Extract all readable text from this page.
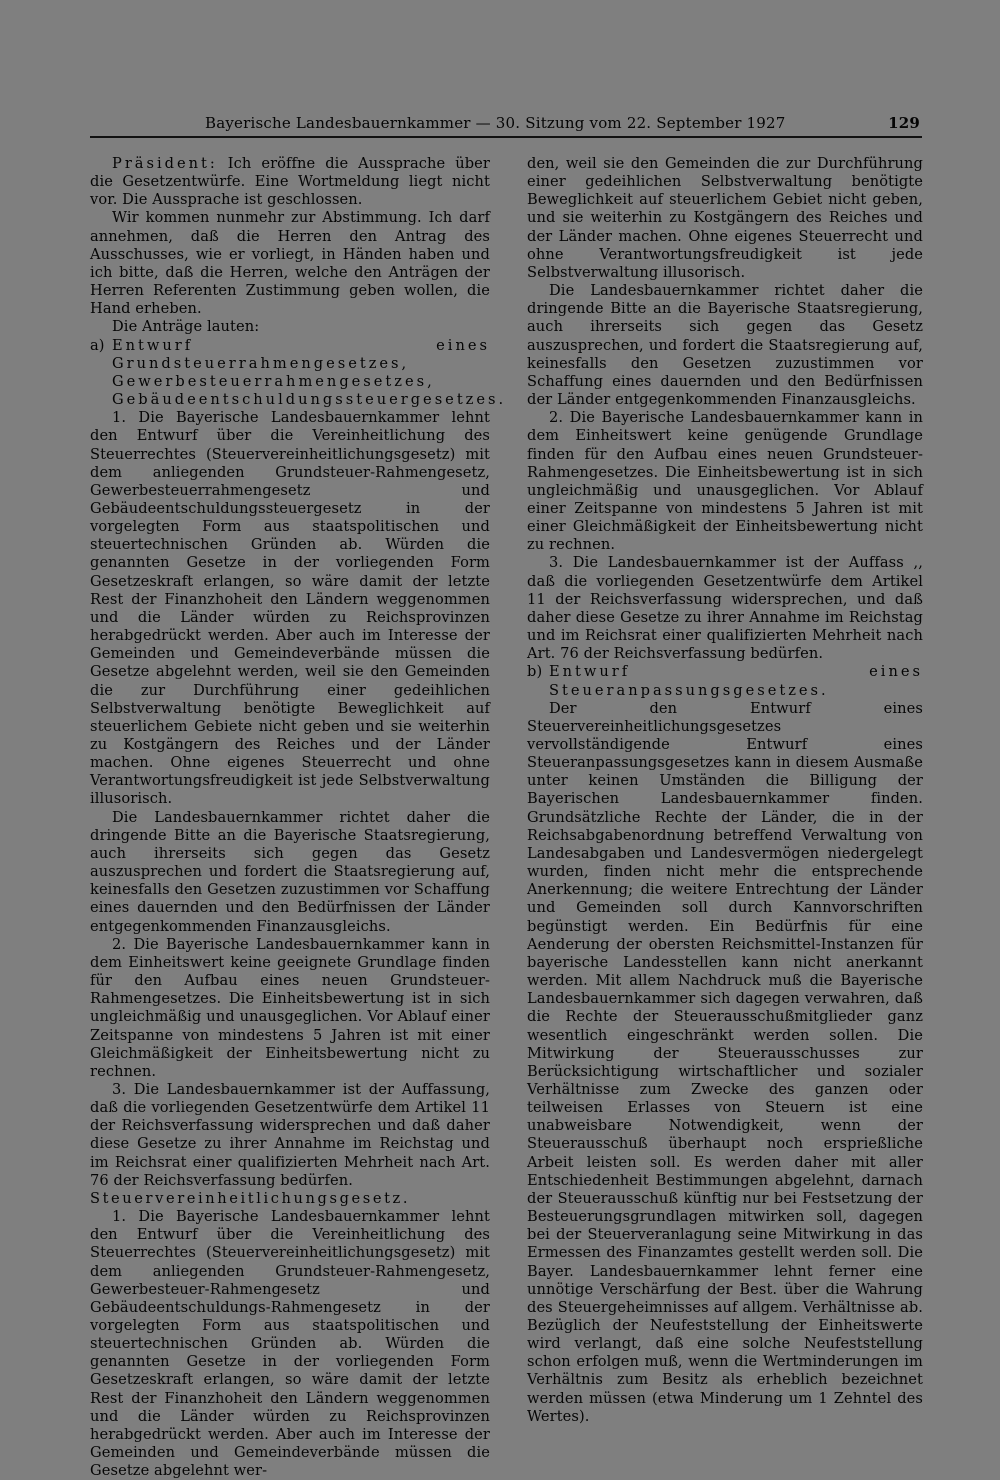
Bayerische Landesbauernkammer — 30. Sitzung vom 22. September 1927	129

Präsident: Ich eröffne die Aussprache über die Gesetzentwürfe. Eine Wortmeldung liegt nicht vor. Die Aussprache ist geschlossen.

Wir kommen nunmehr zur Abstimmung. Ich darf annehmen, daß die Herren den Antrag des Ausschusses, wie er vorliegt, in Händen haben und ich bitte, daß die Herren, welche den Anträgen der Herren Referenten Zustimmung geben wollen, die Hand erheben.

Die Anträge lauten:

a) Entwurf eines Grundsteuerrahmengesetzes, Gewerbesteuerrahmengesetzes, Gebäudeentschuldungssteuergesetzes.

1. Die Bayerische Landesbauernkammer lehnt den Entwurf über die Vereinheitlichung des Steuerrechtes (Steuervereinheitlichungsgesetz) mit dem anliegenden Grundsteuer-Rahmengesetz, Gewerbesteuerrahmengesetz und Gebäudeentschuldungssteuergesetz in der vorgelegten Form aus staatspolitischen und steuertechnischen Gründen ab. Würden die genannten Gesetze in der vorliegenden Form Gesetzeskraft erlangen, so wäre damit der letzte Rest der Finanzhoheit den Ländern weggenommen und die Länder würden zu Reichsprovinzen herabgedrückt werden. Aber auch im Interesse der Gemeinden und Gemeindeverbände müssen die Gesetze abgelehnt werden, weil sie den Gemeinden die zur Durchführung einer gedeihlichen Selbstverwaltung benötigte Beweglichkeit auf steuerlichem Gebiete nicht geben und sie weiterhin zu Kostgängern des Reiches und der Länder machen. Ohne eigenes Steuerrecht und ohne Verantwortungsfreudigkeit ist jede Selbstverwaltung illusorisch.

Die Landesbauernkammer richtet daher die dringende Bitte an die Bayerische Staatsregierung, auch ihrerseits sich gegen das Gesetz auszusprechen und fordert die Staatsregierung auf, keinesfalls den Gesetzen zuzustimmen vor Schaffung eines dauernden und den Bedürfnissen der Länder entgegenkommenden Finanzausgleichs.

2. Die Bayerische Landesbauernkammer kann in dem Einheitswert keine geeignete Grundlage finden für den Aufbau eines neuen Grundsteuer-Rahmengesetzes. Die Einheitsbewertung ist in sich ungleichmäßig und unausgeglichen. Vor Ablauf einer Zeitspanne von mindestens 5 Jahren ist mit einer Gleichmäßigkeit der Einheitsbewertung nicht zu rechnen.

3. Die Landesbauernkammer ist der Auffassung, daß die vorliegenden Gesetzentwürfe dem Artikel 11 der Reichsverfassung widersprechen und daß daher diese Gesetze zu ihrer Annahme im Reichstag und im Reichsrat einer qualifizierten Mehrheit nach Art. 76 der Reichsverfassung bedürfen.

Steuervereinheitlichungsgesetz.

1. Die Bayerische Landesbauernkammer lehnt den Entwurf über die Vereinheitlichung des Steuerrechtes (Steuervereinheitlichungsgesetz) mit dem anliegenden Grundsteuer-Rahmengesetz, Gewerbesteuer-Rahmengesetz und Gebäudeentschuldungs-Rahmengesetz in der vorgelegten Form aus staatspolitischen und steuertechnischen Gründen ab. Würden die genannten Gesetze in der vorliegenden Form Gesetzeskraft erlangen, so wäre damit der letzte Rest der Finanzhoheit den Ländern weggenommen und die Länder würden zu Reichsprovinzen herabgedrückt werden. Aber auch im Interesse der Gemeinden und Gemeindeverbände müssen die Gesetze abgelehnt wer-

den, weil sie den Gemeinden die zur Durchführung einer gedeihlichen Selbstverwaltung benötigte Beweglichkeit auf steuerlichem Gebiet nicht geben, und sie weiterhin zu Kostgängern des Reiches und der Länder machen. Ohne eigenes Steuerrecht und ohne Verantwortungsfreudigkeit ist jede Selbstverwaltung illusorisch.

Die Landesbauernkammer richtet daher die dringende Bitte an die Bayerische Staatsregierung, auch ihrerseits sich gegen das Gesetz auszusprechen, und fordert die Staatsregierung auf, keinesfalls den Gesetzen zuzustimmen vor Schaffung eines dauernden und den Bedürfnissen der Länder entgegenkommenden Finanzausgleichs.

2. Die Bayerische Landesbauernkammer kann in dem Einheitswert keine genügende Grundlage finden für den Aufbau eines neuen Grundsteuer-Rahmengesetzes. Die Einheitsbewertung ist in sich ungleichmäßig und unausgeglichen. Vor Ablauf einer Zeitspanne von mindestens 5 Jahren ist mit einer Gleichmäßigkeit der Einheitsbewertung nicht zu rechnen.

3. Die Landesbauernkammer ist der Auffass ,, daß die vorliegenden Gesetzentwürfe dem Artikel 11 der Reichsverfassung widersprechen, und daß daher diese Gesetze zu ihrer Annahme im Reichstag und im Reichsrat einer qualifizierten Mehrheit nach Art. 76 der Reichsverfassung bedürfen.

b) Entwurf eines Steueranpassungsgesetzes.

Der den Entwurf eines Steuervereinheitlichungsgesetzes vervollständigende Entwurf eines Steueranpassungsgesetzes kann in diesem Ausmaße unter keinen Umständen die Billigung der Bayerischen Landesbauernkammer finden. Grundsätzliche Rechte der Länder, die in der Reichsabgabenordnung betreffend Verwaltung von Landesabgaben und Landesvermögen niedergelegt wurden, finden nicht mehr die entsprechende Anerkennung; die weitere Entrechtung der Länder und Gemeinden soll durch Kannvorschriften begünstigt werden. Ein Bedürfnis für eine Aenderung der obersten Reichsmittel-Instanzen für bayerische Landesstellen kann nicht anerkannt werden. Mit allem Nachdruck muß die Bayerische Landesbauernkammer sich dagegen verwahren, daß die Rechte der Steuerausschußmitglieder ganz wesentlich eingeschränkt werden sollen. Die Mitwirkung der Steuerausschusses zur Berücksichtigung wirtschaftlicher und sozialer Verhältnisse zum Zwecke des ganzen oder teilweisen Erlasses von Steuern ist eine unabweisbare Notwendigkeit, wenn der Steuerausschuß überhaupt noch ersprießliche Arbeit leisten soll. Es werden daher mit aller Entschiedenheit Bestimmungen abgelehnt, darnach der Steuerausschuß künftig nur bei Festsetzung der Besteuerungsgrundlagen mitwirken soll, dagegen bei der Steuerveranlagung seine Mitwirkung in das Ermessen des Finanzamtes gestellt werden soll. Die Bayer. Landesbauernkammer lehnt ferner eine unnötige Verschärfung der Best. über die Wahrung des Steuergeheimnisses auf allgem. Verhältnisse ab. Bezüglich der Neufeststellung der Einheitswerte wird verlangt, daß eine solche Neufeststellung schon erfolgen muß, wenn die Wertminderungen im Verhältnis zum Besitz als erheblich bezeichnet werden müssen (etwa Minderung um 1 Zehntel des Wertes).
